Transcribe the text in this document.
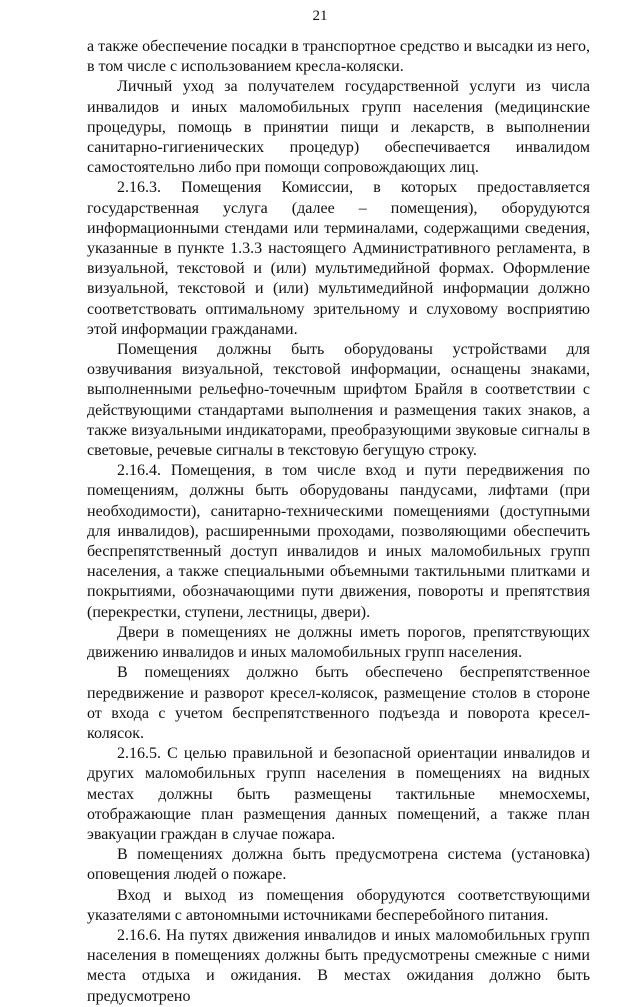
21

а также обеспечение посадки в транспортное средство и высадки из него, в том числе с использованием кресла-коляски.

Личный уход за получателем государственной услуги из числа инвалидов и иных маломобильных групп населения (медицинские процедуры, помощь в принятии пищи и лекарств, в выполнении санитарно-гигиенических процедур) обеспечивается инвалидом самостоятельно либо при помощи сопровождающих лиц.

2.16.3. Помещения Комиссии, в которых предоставляется государственная услуга (далее – помещения), оборудуются информационными стендами или терминалами, содержащими сведения, указанные в пункте 1.3.3 настоящего Административного регламента, в визуальной, текстовой и (или) мультимедийной формах. Оформление визуальной, текстовой и (или) мультимедийной информации должно соответствовать оптимальному зрительному и слуховому восприятию этой информации гражданами.

Помещения должны быть оборудованы устройствами для озвучивания визуальной, текстовой информации, оснащены знаками, выполненными рельефно-точечным шрифтом Брайля в соответствии с действующими стандартами выполнения и размещения таких знаков, а также визуальными индикаторами, преобразующими звуковые сигналы в световые, речевые сигналы в текстовую бегущую строку.

2.16.4. Помещения, в том числе вход и пути передвижения по помещениям, должны быть оборудованы пандусами, лифтами (при необходимости), санитарно-техническими помещениями (доступными для инвалидов), расширенными проходами, позволяющими обеспечить беспрепятственный доступ инвалидов и иных маломобильных групп населения, а также специальными объемными тактильными плитками и покрытиями, обозначающими пути движения, повороты и препятствия (перекрестки, ступени, лестницы, двери).

Двери в помещениях не должны иметь порогов, препятствующих движению инвалидов и иных маломобильных групп населения.

В помещениях должно быть обеспечено беспрепятственное передвижение и разворот кресел-колясок, размещение столов в стороне от входа с учетом беспрепятственного подъезда и поворота кресел-колясок.

2.16.5. С целью правильной и безопасной ориентации инвалидов и других маломобильных групп населения в помещениях на видных местах должны быть размещены тактильные мнемосхемы, отображающие план размещения данных помещений, а также план эвакуации граждан в случае пожара.

В помещениях должна быть предусмотрена система (установка) оповещения людей о пожаре.

Вход и выход из помещения оборудуются соответствующими указателями с автономными источниками бесперебойного питания.

2.16.6. На путях движения инвалидов и иных маломобильных групп населения в помещениях должны быть предусмотрены смежные с ними места отдыха и ожидания. В местах ожидания должно быть предусмотрено
